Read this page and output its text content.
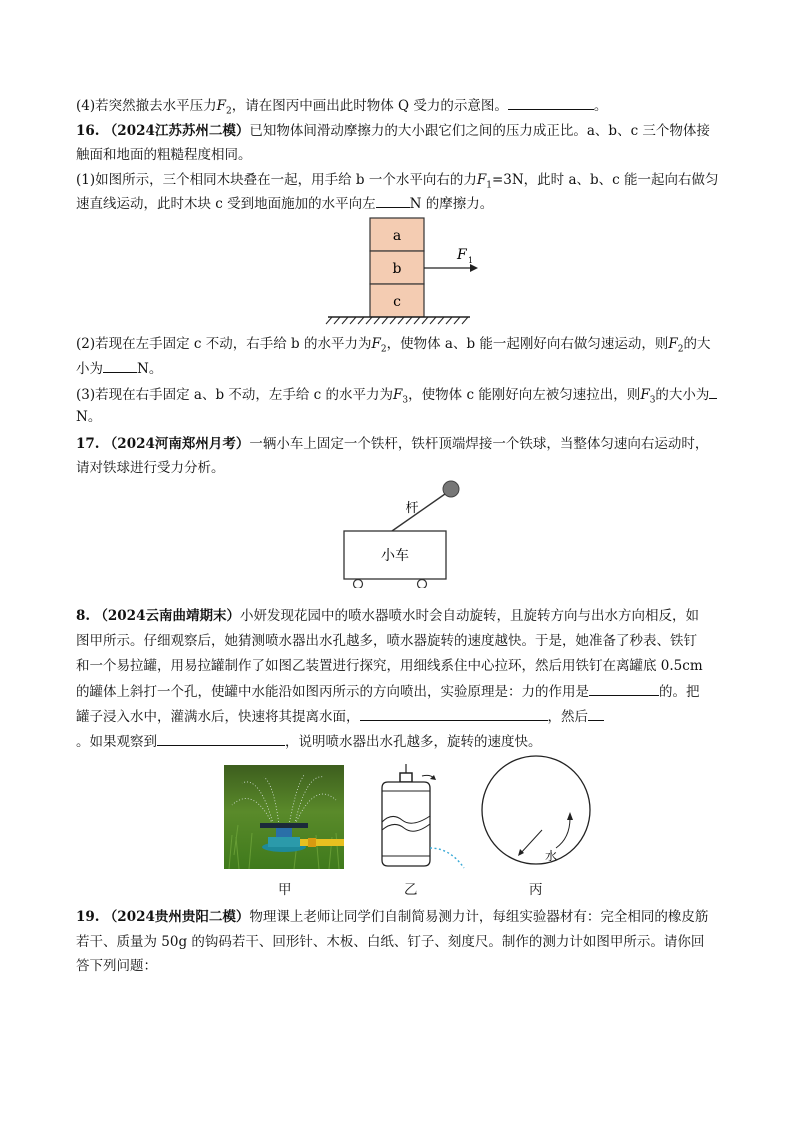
(4)若突然撤去水平压力$F_2$，请在图丙中画出此时物体 Q 受力的示意图。	。
16. （2024江苏苏州二模）已知物体间滑动摩擦力的大小跟它们之间的压力成正比。a、b、c 三个物体接
触面和地面的粗糙程度相同。
(1)如图所示，三个相同木块叠在一起，用手给 b 一个水平向右的力$F_1=3N$，此时 a、b、c 能一起向右做匀
速直线运动，此时木块 c 受到地面施加的水平向左	N 的摩擦力。
a
b
c
F 1
(2)若现在左手固定 c 不动，右手给 b 的水平力为$F_2$，使物体 a、b 能一起刚好向右做匀速运动，则$F_2$的大
小为	N。
(3)若现在右手固定 a、b 不动，左手给 c 的水平力为$F_3$，使物体 c 能刚好向左被匀速拉出，则$F_3$的大小为
N。
17. （2024河南郑州月考）一辆小车上固定一个铁杆，铁杆顶端焊接一个铁球，当整体匀速向右运动时，
请对铁球进行受力分析。
杆
小车
8. （2024云南曲靖期末）小妍发现花园中的喷水器喷水时会自动旋转，且旋转方向与出水方向相反，如
图甲所示。仔细观察后，她猜测喷水器出水孔越多，喷水器旋转的速度越快。于是，她准备了秒表、铁钉
和一个易拉罐，用易拉罐制作了如图乙装置进行探究，用细线系住中心拉环，然后用铁钉在离罐底 0.5cm
的罐体上斜打一个孔，使罐中水能沿如图丙所示的方向喷出，实验原理是：力的作用是	的。把
罐子浸入水中，灌满水后，快速将其提离水面，	，然后
。如果观察到	，说明喷水器出水孔越多，旋转的速度快。
水
甲	乙	丙
19. （2024贵州贵阳二模）物理课上老师让同学们自制简易测力计，每组实验器材有：完全相同的橡皮筋
若干、质量为 50g 的钩码若干、回形针、木板、白纸、钉子、刻度尺。制作的测力计如图甲所示。请你回
答下列问题：
